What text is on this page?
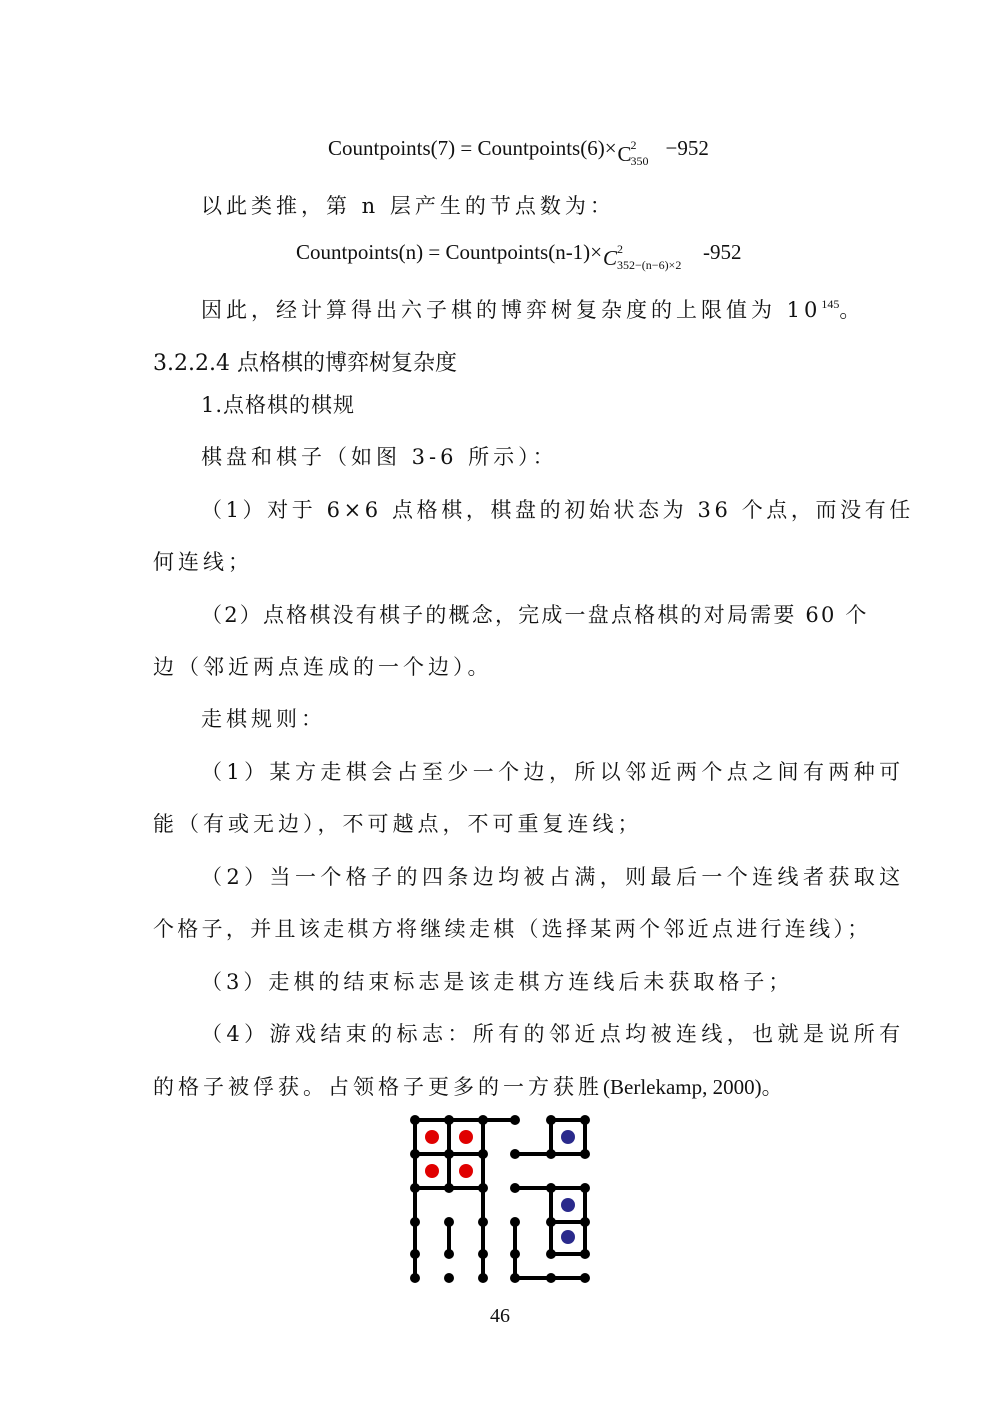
Countpoints(7) = Countpoints(6)×C
2
350
−952
以此类推，第 n 层产生的节点数为：
Countpoints(n) = Countpoints(n-1)×C 2
352−(n−6)×2
-952
因此，经计算得出六子棋的博弈树复杂度的上限值为 $10^{145}$。
3.2.2.4 点格棋的博弈树复杂度
1.点格棋的棋规
棋盘和棋子（如图 3-6 所示）：
（1）对于 6×6 点格棋，棋盘的初始状态为 36 个点，而没有任
何连线；
（2）点格棋没有棋子的概念，完成一盘点格棋的对局需要 60 个
边（邻近两点连成的一个边）。
走棋规则：
（1）某方走棋会占至少一个边，所以邻近两个点之间有两种可
能（有或无边），不可越点，不可重复连线；
（2）当一个格子的四条边均被占满，则最后一个连线者获取这
个格子，并且该走棋方将继续走棋（选择某两个邻近点进行连线）；
（3）走棋的结束标志是该走棋方连线后未获取格子；
（4）游戏结束的标志：所有的邻近点均被连线，也就是说所有
的格子被俘获。占领格子更多的一方获胜(Berlekamp, 2000)。
46
